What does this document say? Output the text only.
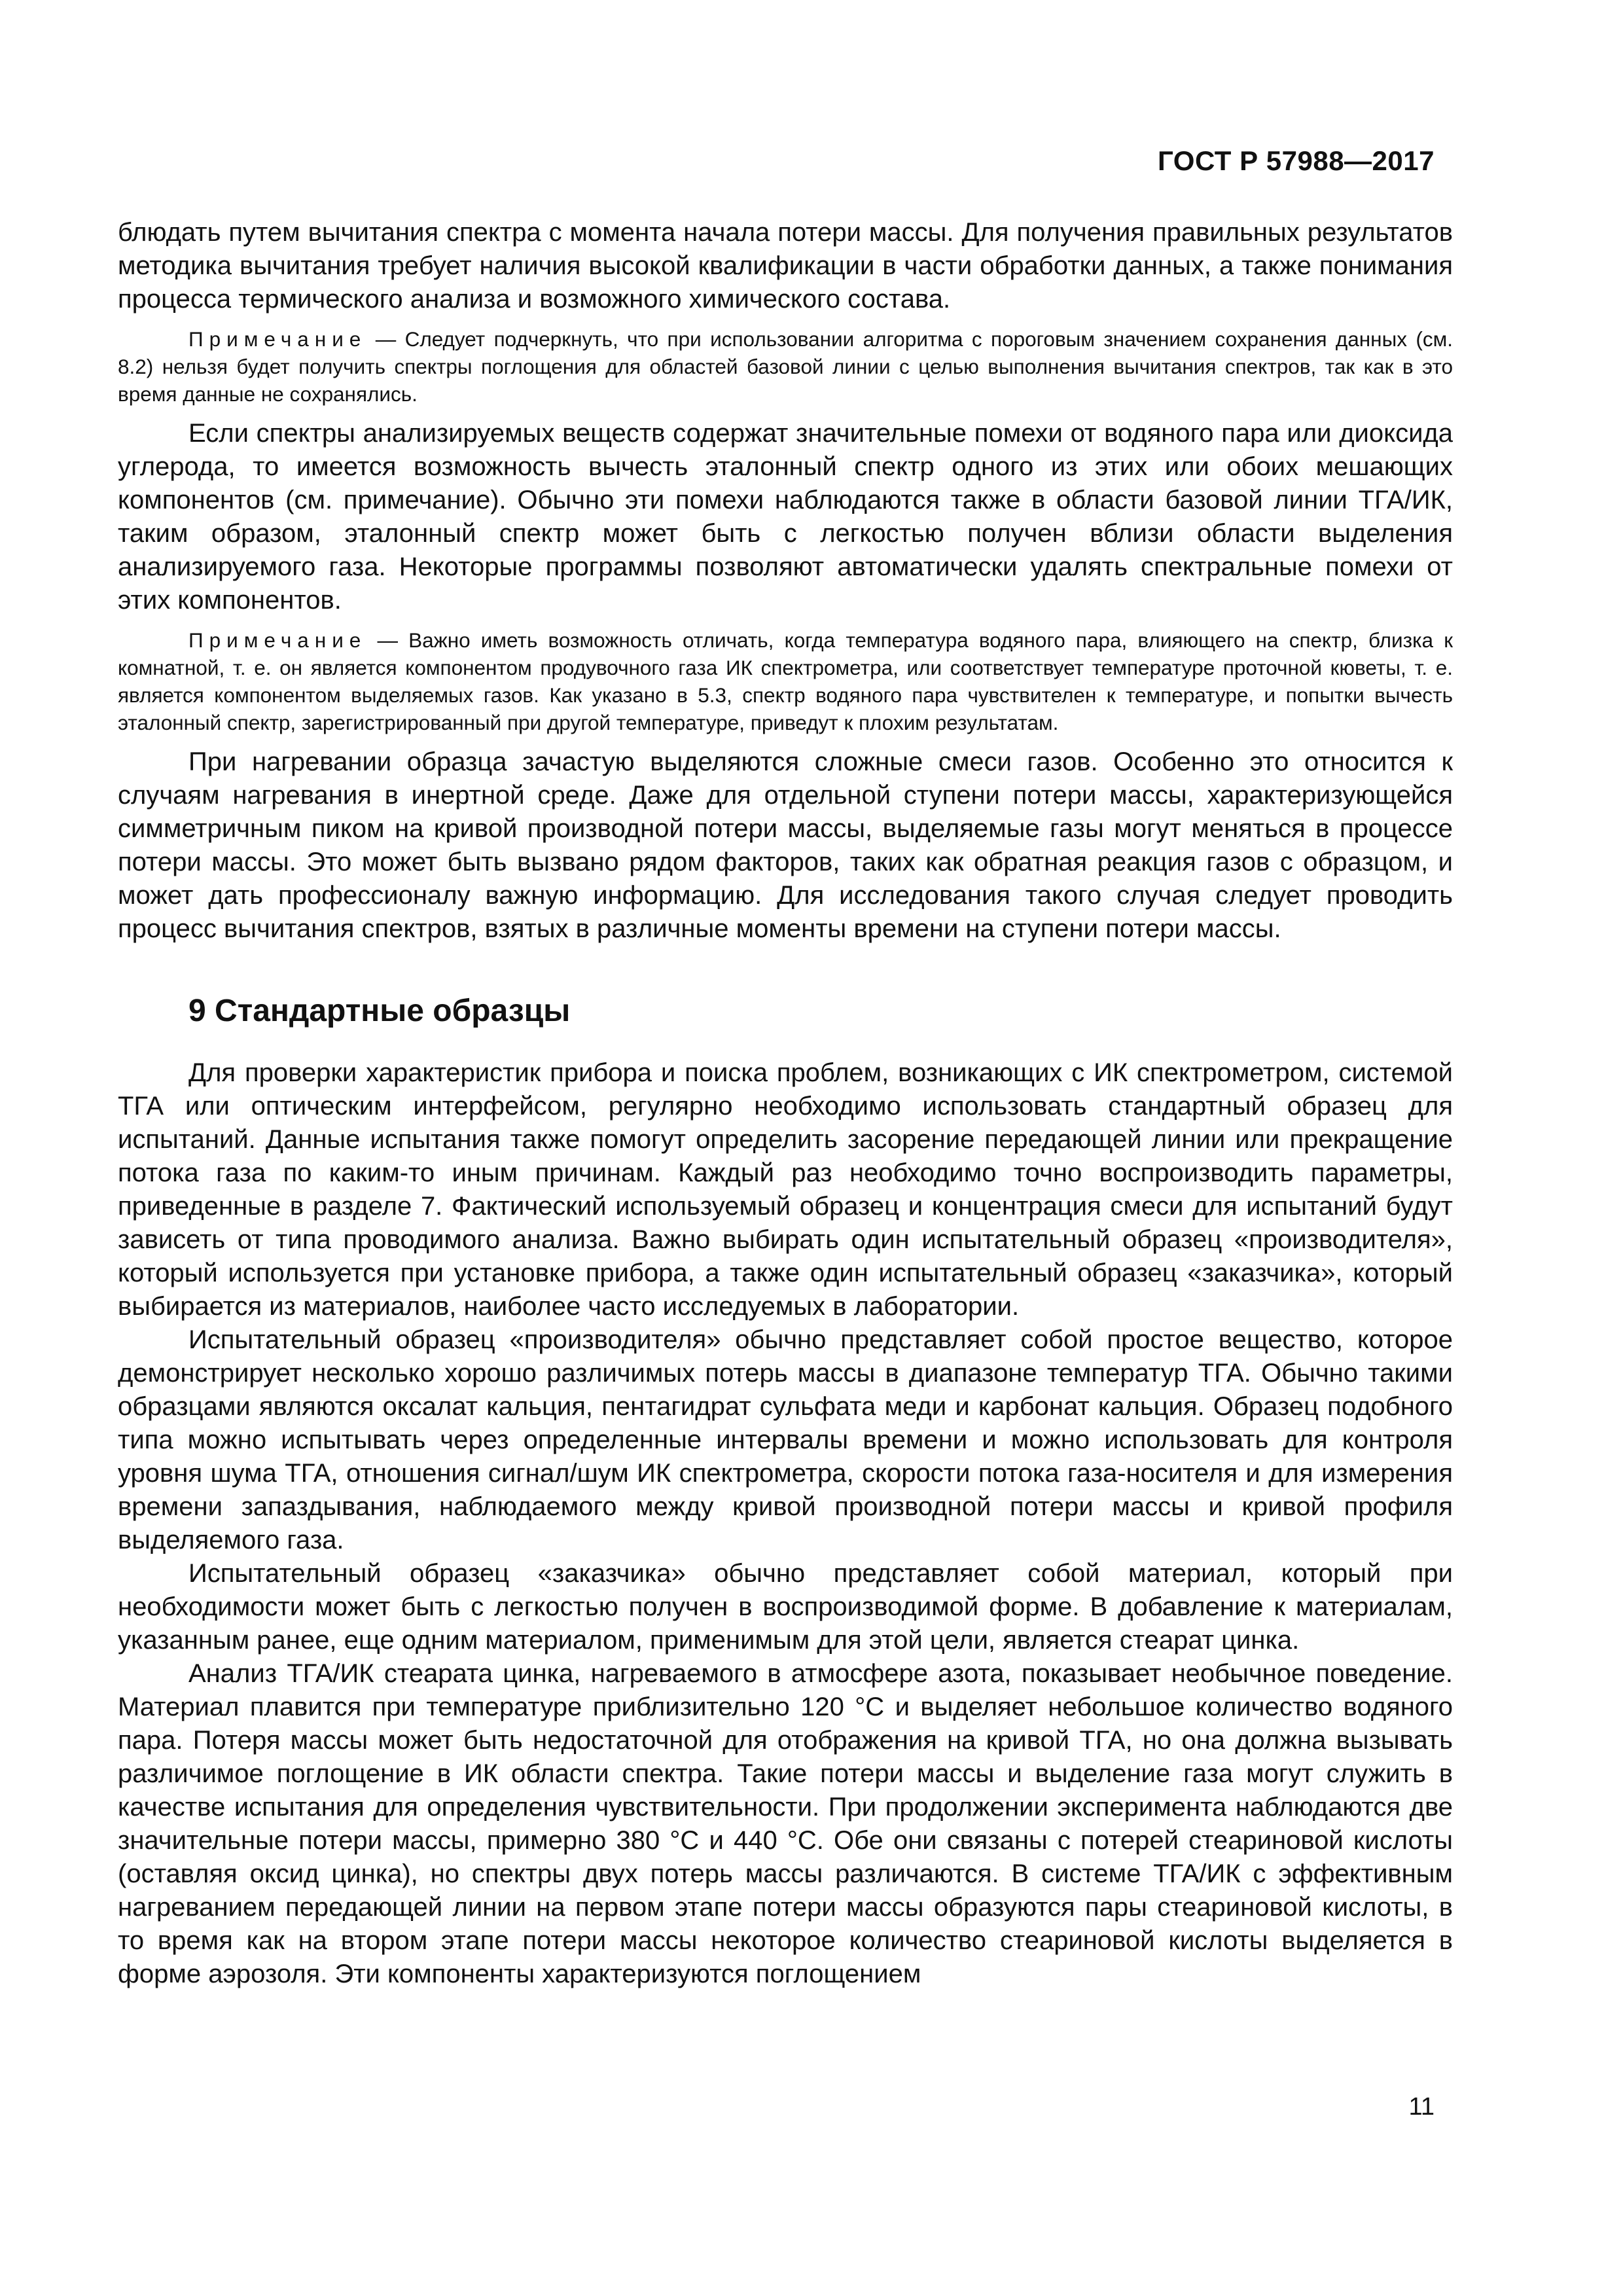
ГОСТ Р 57988—2017

блюдать путем вычитания спектра с момента начала потери массы. Для получения правильных результатов методика вычитания требует наличия высокой квалификации в части обработки данных, а также понимания процесса термического анализа и возможного химического состава.

Примечание — Следует подчеркнуть, что при использовании алгоритма с пороговым значением сохранения данных (см. 8.2) нельзя будет получить спектры поглощения для областей базовой линии с целью выполнения вычитания спектров, так как в это время данные не сохранялись.

Если спектры анализируемых веществ содержат значительные помехи от водяного пара или диоксида углерода, то имеется возможность вычесть эталонный спектр одного из этих или обоих мешающих компонентов (см. примечание). Обычно эти помехи наблюдаются также в области базовой линии ТГА/ИК, таким образом, эталонный спектр может быть с легкостью получен вблизи области выделения анализируемого газа. Некоторые программы позволяют автоматически удалять спектральные помехи от этих компонентов.

Примечание — Важно иметь возможность отличать, когда температура водяного пара, влияющего на спектр, близка к комнатной, т. е. он является компонентом продувочного газа ИК спектрометра, или соответствует температуре проточной кюветы, т. е. является компонентом выделяемых газов. Как указано в 5.3, спектр водяного пара чувствителен к температуре, и попытки вычесть эталонный спектр, зарегистрированный при другой температуре, приведут к плохим результатам.

При нагревании образца зачастую выделяются сложные смеси газов. Особенно это относится к случаям нагревания в инертной среде. Даже для отдельной ступени потери массы, характеризующейся симметричным пиком на кривой производной потери массы, выделяемые газы могут меняться в процессе потери массы. Это может быть вызвано рядом факторов, таких как обратная реакция газов с образцом, и может дать профессионалу важную информацию. Для исследования такого случая следует проводить процесс вычитания спектров, взятых в различные моменты времени на ступени потери массы.

9 Стандартные образцы

Для проверки характеристик прибора и поиска проблем, возникающих с ИК спектрометром, системой ТГА или оптическим интерфейсом, регулярно необходимо использовать стандартный образец для испытаний. Данные испытания также помогут определить засорение передающей линии или прекращение потока газа по каким-то иным причинам. Каждый раз необходимо точно воспроизводить параметры, приведенные в разделе 7. Фактический используемый образец и концентрация смеси для испытаний будут зависеть от типа проводимого анализа. Важно выбирать один испытательный образец «производителя», который используется при установке прибора, а также один испытательный образец «заказчика», который выбирается из материалов, наиболее часто исследуемых в лаборатории.

Испытательный образец «производителя» обычно представляет собой простое вещество, которое демонстрирует несколько хорошо различимых потерь массы в диапазоне температур ТГА. Обычно такими образцами являются оксалат кальция, пентагидрат сульфата меди и карбонат кальция. Образец подобного типа можно испытывать через определенные интервалы времени и можно использовать для контроля уровня шума ТГА, отношения сигнал/шум ИК спектрометра, скорости потока газа-носителя и для измерения времени запаздывания, наблюдаемого между кривой производной потери массы и кривой профиля выделяемого газа.

Испытательный образец «заказчика» обычно представляет собой материал, который при необходимости может быть с легкостью получен в воспроизводимой форме. В добавление к материалам, указанным ранее, еще одним материалом, применимым для этой цели, является стеарат цинка.

Анализ ТГА/ИК стеарата цинка, нагреваемого в атмосфере азота, показывает необычное поведение. Материал плавится при температуре приблизительно 120 °С и выделяет небольшое количество водяного пара. Потеря массы может быть недостаточной для отображения на кривой ТГА, но она должна вызывать различимое поглощение в ИК области спектра. Такие потери массы и выделение газа могут служить в качестве испытания для определения чувствительности. При продолжении эксперимента наблюдаются две значительные потери массы, примерно 380 °С и 440 °С. Обе они связаны с потерей стеариновой кислоты (оставляя оксид цинка), но спектры двух потерь массы различаются. В системе ТГА/ИК с эффективным нагреванием передающей линии на первом этапе потери массы образуются пары стеариновой кислоты, в то время как на втором этапе потери массы некоторое количество стеариновой кислоты выделяется в форме аэрозоля. Эти компоненты характеризуются поглощением

11
